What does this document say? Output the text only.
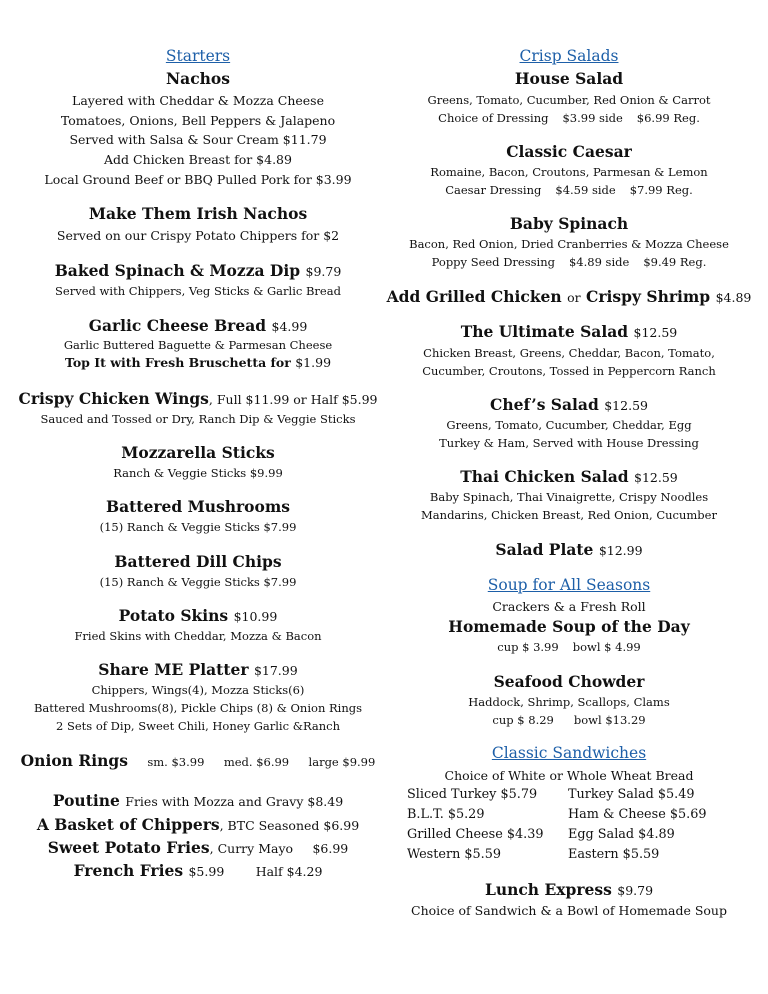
Starters
Nachos
Layered with Cheddar & Mozza Cheese
Tomatoes, Onions, Bell Peppers & Jalapeno
Served with Salsa & Sour Cream $11.79
Add Chicken Breast for $4.89
Local Ground Beef or BBQ Pulled Pork for $3.99
Make Them Irish Nachos
Served on our Crispy Potato Chippers for $2
Baked Spinach & Mozza Dip $9.79
Served with Chippers, Veg Sticks & Garlic Bread
Garlic Cheese Bread $4.99
Garlic Buttered Baguette & Parmesan Cheese
Top It with Fresh Bruschetta for $1.99
Crispy Chicken Wings, Full $11.99 or Half $5.99
Sauced and Tossed or Dry, Ranch Dip & Veggie Sticks
Mozzarella Sticks
Ranch & Veggie Sticks $9.99
Battered Mushrooms
(15) Ranch & Veggie Sticks $7.99
Battered Dill Chips
(15) Ranch & Veggie Sticks $7.99
Potato Skins $10.99
Fried Skins with Cheddar, Mozza & Bacon
Share ME Platter $17.99
Chippers, Wings(4), Mozza Sticks(6)
Battered Mushrooms(8), Pickle Chips (8) & Onion Rings
2 Sets of Dip, Sweet Chili, Honey Garlic &Ranch
Onion Rings sm. $3.99 med. $6.99 large $9.99
Poutine Fries with Mozza and Gravy $8.49
A Basket of Chippers, BTC Seasoned $6.99
Sweet Potato Fries, Curry Mayo $6.99
French Fries $5.99	Half $4.29
Crisp Salads
House Salad
Greens, Tomato, Cucumber, Red Onion & Carrot
Choice of Dressing $3.99 side $6.99 Reg.
Classic Caesar
Romaine, Bacon, Croutons, Parmesan & Lemon
Caesar Dressing $4.59 side $7.99 Reg.
Baby Spinach
Bacon, Red Onion, Dried Cranberries & Mozza Cheese
Poppy Seed Dressing $4.89 side $9.49 Reg.
Add Grilled Chicken or Crispy Shrimp $4.89
The Ultimate Salad $12.59
Chicken Breast, Greens, Cheddar, Bacon, Tomato,
Cucumber, Croutons, Tossed in Peppercorn Ranch
Chef’s Salad $12.59
Greens, Tomato, Cucumber, Cheddar, Egg
Turkey & Ham, Served with House Dressing
Thai Chicken Salad $12.59
Baby Spinach, Thai Vinaigrette, Crispy Noodles
Mandarins, Chicken Breast, Red Onion, Cucumber
Salad Plate $12.99
Soup for All Seasons
Crackers & a Fresh Roll
Homemade Soup of the Day
cup $ 3.99 bowl $ 4.99
Seafood Chowder
Haddock, Shrimp, Scallops, Clams
cup $ 8.29 bowl $13.29
Classic Sandwiches
Choice of White or Whole Wheat Bread
Lunch Express $9.79
Choice of Sandwich & a Bowl of Homemade Soup
Sliced Turkey $5.79 Turkey Salad $5.49
B.L.T. $5.29	Ham & Cheese $5.69
Grilled Cheese $4.39 Egg Salad $4.89
Western $5.59	Eastern $5.59
